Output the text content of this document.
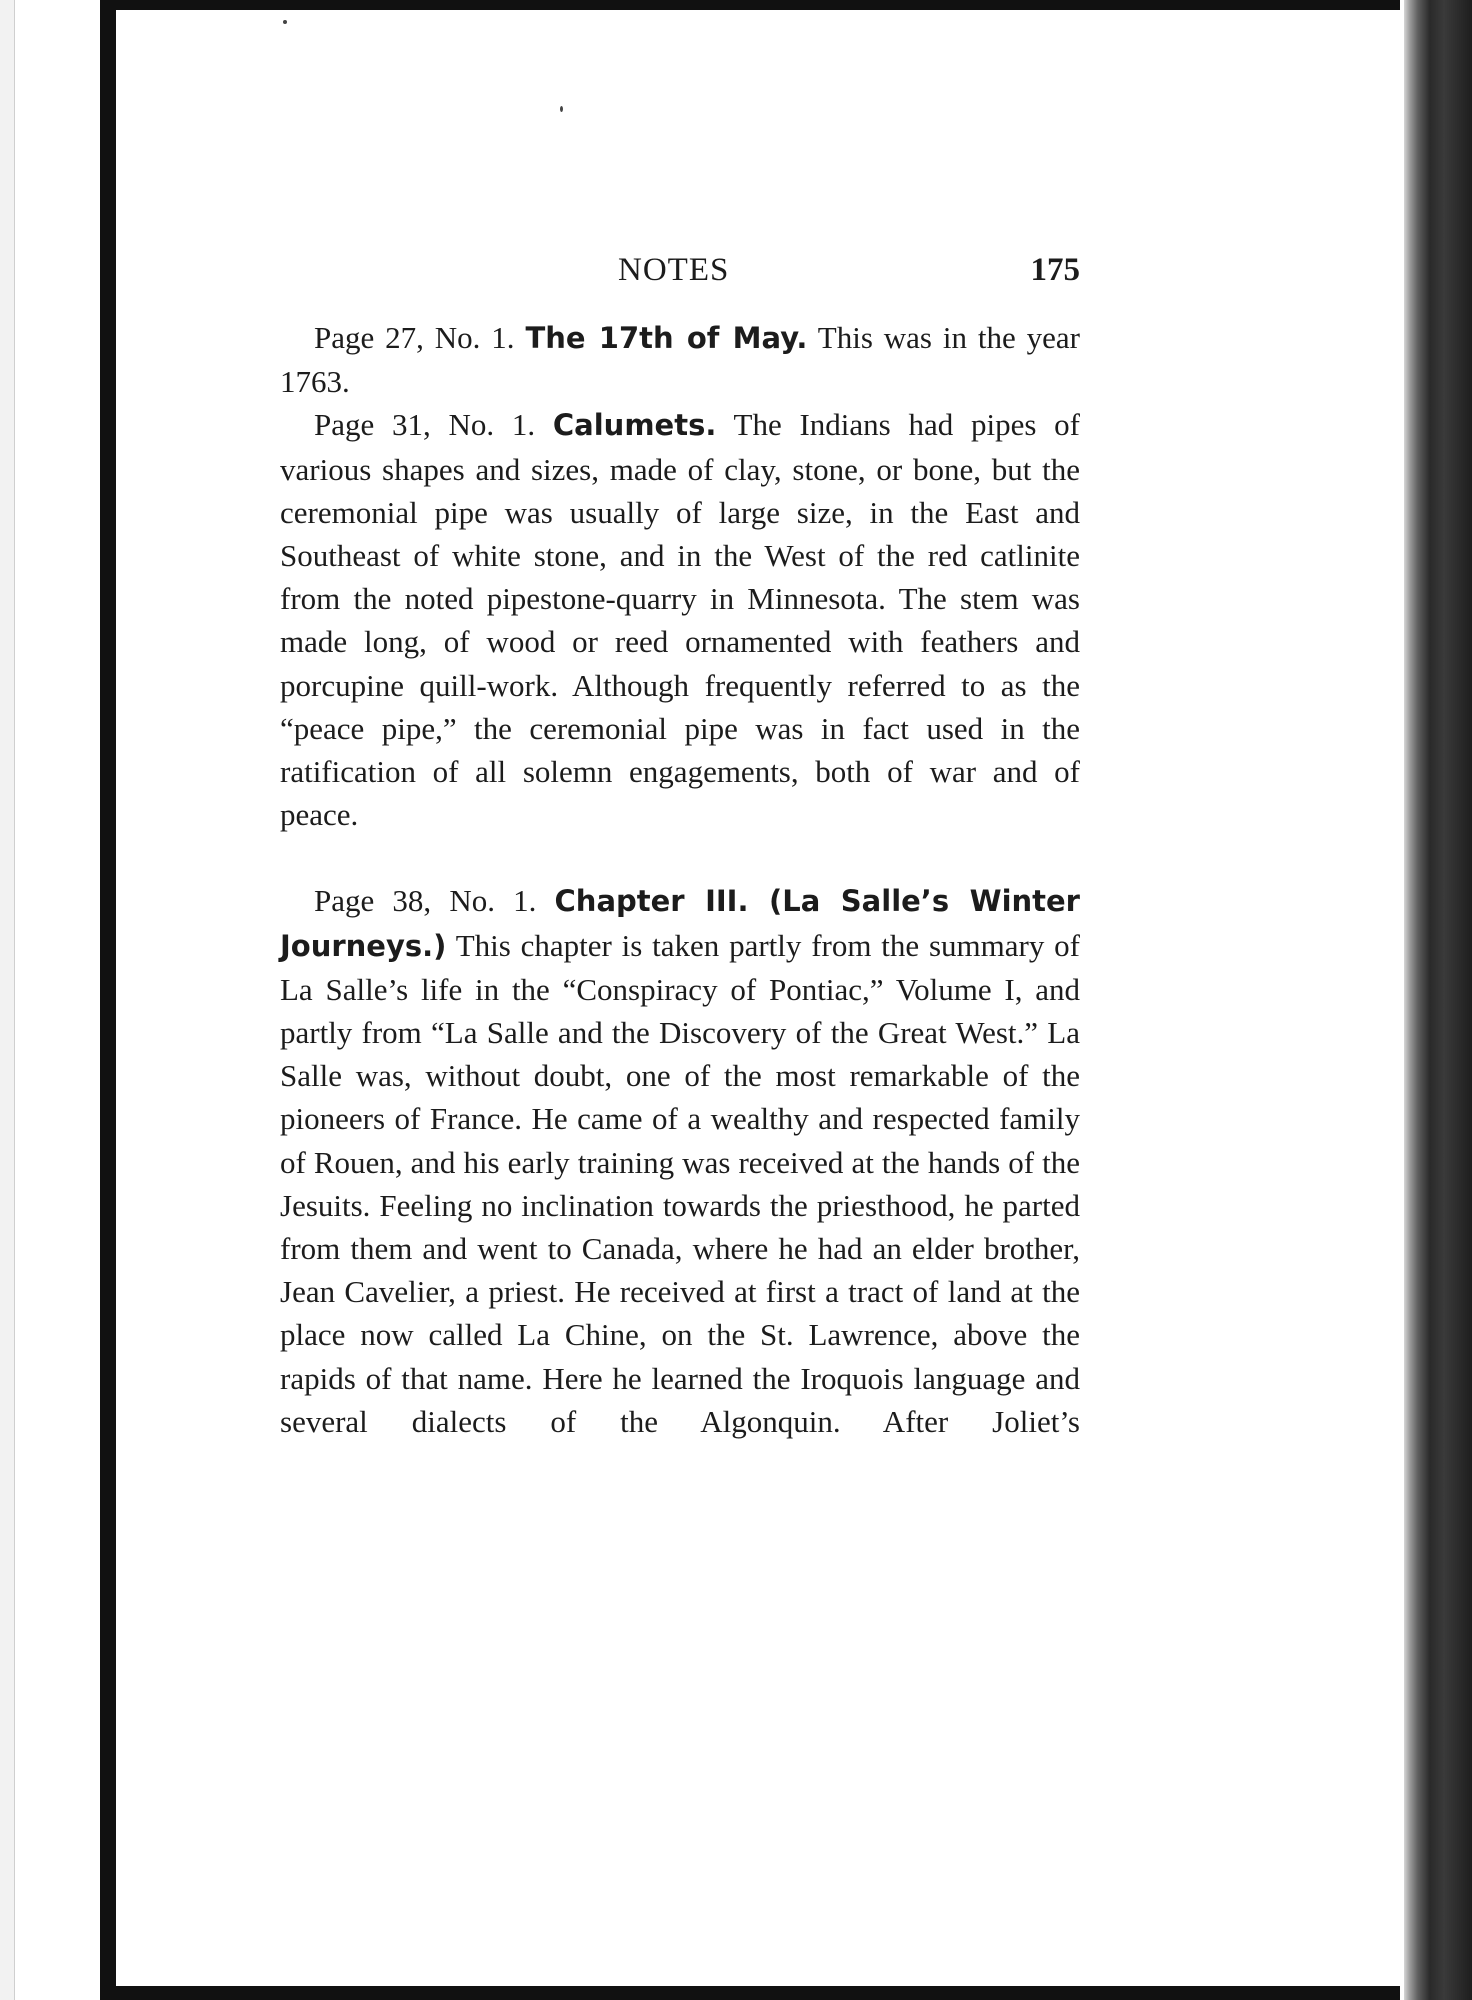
NOTES	175

Page 27, No. 1. The 17th of May. This was in the year 1763.

Page 31, No. 1. Calumets. The Indians had pipes of various shapes and sizes, made of clay, stone, or bone, but the ceremonial pipe was usually of large size, in the East and Southeast of white stone, and in the West of the red catlinite from the noted pipestone-quarry in Minnesota. The stem was made long, of wood or reed ornamented with feathers and porcupine quill-work. Although frequently referred to as the “peace pipe,” the ceremonial pipe was in fact used in the ratification of all solemn engagements, both of war and of peace.

Page 38, No. 1. Chapter III. (La Salle’s Winter Journeys.) This chapter is taken partly from the summary of La Salle’s life in the “Conspiracy of Pontiac,” Volume I, and partly from “La Salle and the Discovery of the Great West.” La Salle was, without doubt, one of the most remarkable of the pioneers of France. He came of a wealthy and respected family of Rouen, and his early training was received at the hands of the Jesuits. Feeling no inclination towards the priesthood, he parted from them and went to Canada, where he had an elder brother, Jean Cavelier, a priest. He received at first a tract of land at the place now called La Chine, on the St. Lawrence, above the rapids of that name. Here he learned the Iroquois language and several dialects of the Algonquin. After Joliet’s
